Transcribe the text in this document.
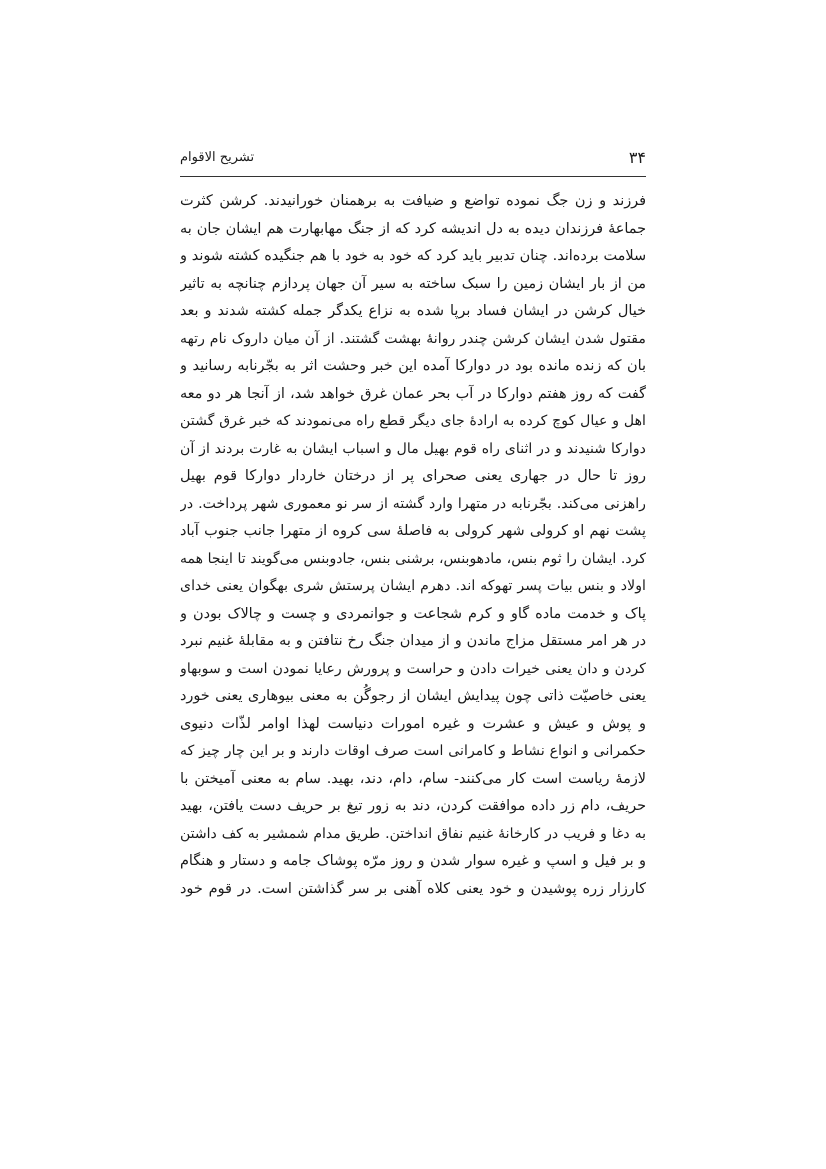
۳۴
تشریح الاقوام
فرزند و زن جگ نموده تواضع و ضیافت به برهمنان خورانیدند. کرشن کثرت
جماعهٔ فرزندان دیده به دل اندیشه کرد که از جنگ مهابهارت هم ایشان جان به
سلامت برده‌اند. چنان تدبیر باید کرد که خود به خود با هم جنگیده کشته شوند و
من از بار ایشان زمین را سبک ساخته به سیر آن جهان پردازم چنانچه به تاثیر
خیال کرشن در ایشان فساد برپا شده به نزاع یکدگر جمله کشته شدند و بعد
مقتول شدن ایشان کرشن چندر روانهٔ بهشت گشتند. از آن میان داروک نام رتهه
بان که زنده مانده بود در دوارکا آمده این خبر وحشت اثر به بجّرنابه رسانید و
گفت که روز هفتم دوارکا در آب بحر عمان غرق خواهد شد، از آنجا هر دو معه
اهل و عیال کوچ کرده به ارادهٔ جای دیگر قطع راه می‌نمودند که خبر غرق گشتن
دوارکا شنیدند و در اثنای راه قوم بهیل مال و اسباب ایشان به غارت بردند از آن
روز تا حال در جهاری یعنی صحرای پر از درختان خاردار دوارکا قوم بهیل
راهزنی می‌کند. بجّرنابه در متهرا وارد گشته از سر نو معموری شهر پرداخت. در
پشت نهم او کرولی شهر کرولی به فاصلهٔ سی کروه از متهرا جانب جنوب آباد
کرد. ایشان را ثوم بنس، مادهوبنس، برشنی بنس، جادوبنس می‌گویند تا اینجا همه
اولاد و بنس بیات پسر تهوکه اند. دهرم ایشان پرستش شری بهگوان یعنی خدای
پاک و خدمت ماده گاو و کرم شجاعت و جوانمردی و چست و چالاک بودن و
در هر امر مستقل مزاج ماندن و از میدان جنگ رخ نتافتن و به مقابلهٔ غنیم نبرد
کردن و دان یعنی خیرات دادن و حراست و پرورش رعایا نمودن است و سوبهاو
یعنی خاصیّت ذاتی چون پیدایش ایشان از رجوگُن به معنی بیوهاری یعنی خورد
و پوش و عیش و عشرت و غیره امورات دنیاست لهذا اوامر لذّات دنیوی
حکمرانی و انواع نشاط و کامرانی است صرف اوقات دارند و بر این چار چیز که
لازمهٔ ریاست است کار می‌کنند- سام، دام، دند، بهید. سام به معنی آمیختن با
حریف، دام زر داده موافقت کردن، دند به زور تیغ بر حریف دست یافتن، بهید
به دغا و فریب در کارخانهٔ غنیم نفاق انداختن. طریق مدام شمشیر به کف داشتن
و بر فیل و اسپ و غیره سوار شدن و روز مرّه پوشاک جامه و دستار و هنگام
کارزار زره پوشیدن و خود یعنی کلاه آهنی بر سر گذاشتن است. در قوم خود
